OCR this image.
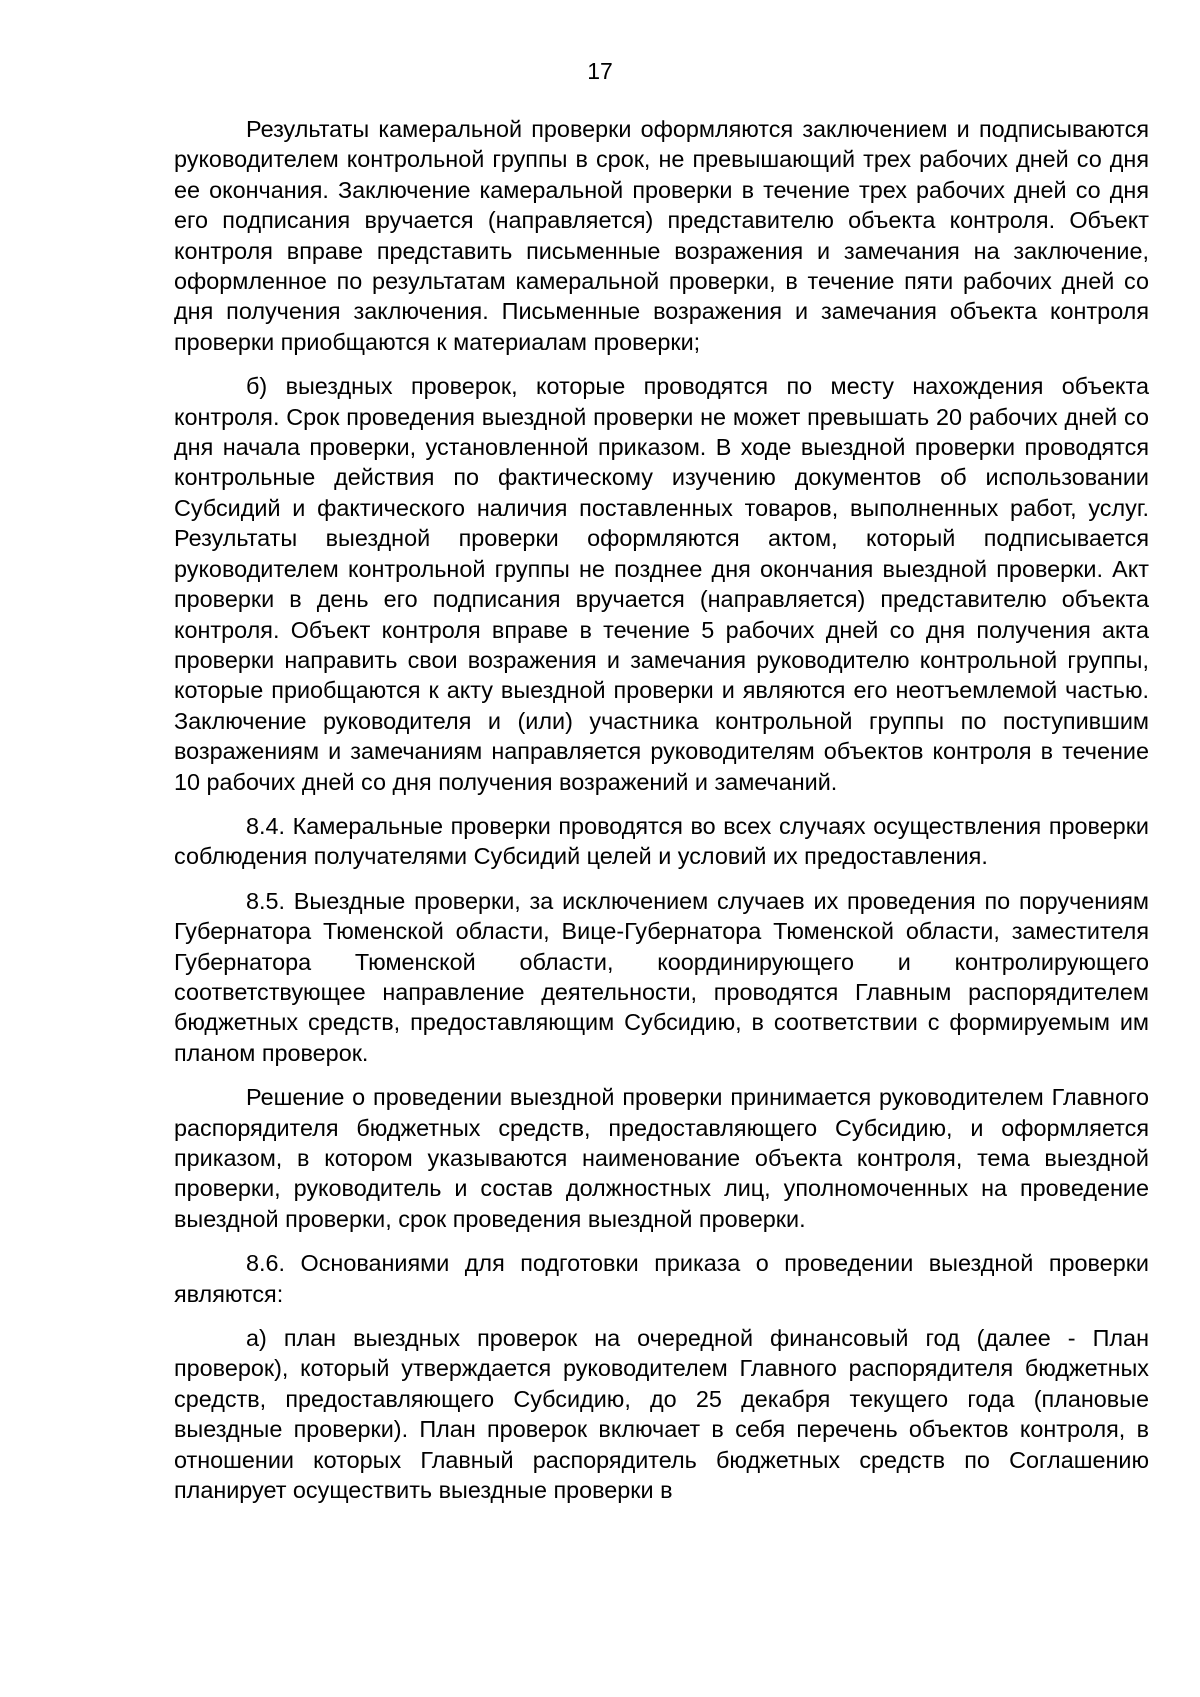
17

Результаты камеральной проверки оформляются заключением и подписываются руководителем контрольной группы в срок, не превышающий трех рабочих дней со дня ее окончания. Заключение камеральной проверки в течение трех рабочих дней со дня его подписания вручается (направляется) представителю объекта контроля. Объект контроля вправе представить письменные возражения и замечания на заключение, оформленное по результатам камеральной проверки, в течение пяти рабочих дней со дня получения заключения. Письменные возражения и замечания объекта контроля проверки приобщаются к материалам проверки;

б) выездных проверок, которые проводятся по месту нахождения объекта контроля. Срок проведения выездной проверки не может превышать 20 рабочих дней со дня начала проверки, установленной приказом. В ходе выездной проверки проводятся контрольные действия по фактическому изучению документов об использовании Субсидий и фактического наличия поставленных товаров, выполненных работ, услуг. Результаты выездной проверки оформляются актом, который подписывается руководителем контрольной группы не позднее дня окончания выездной проверки. Акт проверки в день его подписания вручается (направляется) представителю объекта контроля. Объект контроля вправе в течение 5 рабочих дней со дня получения акта проверки направить свои возражения и замечания руководителю контрольной группы, которые приобщаются к акту выездной проверки и являются его неотъемлемой частью. Заключение руководителя и (или) участника контрольной группы по поступившим возражениям и замечаниям направляется руководителям объектов контроля в течение 10 рабочих дней со дня получения возражений и замечаний.

8.4. Камеральные проверки проводятся во всех случаях осуществления проверки соблюдения получателями Субсидий целей и условий их предоставления.

8.5. Выездные проверки, за исключением случаев их проведения по поручениям Губернатора Тюменской области, Вице-Губернатора Тюменской области, заместителя Губернатора Тюменской области, координирующего и контролирующего соответствующее направление деятельности, проводятся Главным распорядителем бюджетных средств, предоставляющим Субсидию, в соответствии с формируемым им планом проверок.

Решение о проведении выездной проверки принимается руководителем Главного распорядителя бюджетных средств, предоставляющего Субсидию, и оформляется приказом, в котором указываются наименование объекта контроля, тема выездной проверки, руководитель и состав должностных лиц, уполномоченных на проведение выездной проверки, срок проведения выездной проверки.

8.6. Основаниями для подготовки приказа о проведении выездной проверки являются:

а) план выездных проверок на очередной финансовый год (далее - План проверок), который утверждается руководителем Главного распорядителя бюджетных средств, предоставляющего Субсидию, до 25 декабря текущего года (плановые выездные проверки). План проверок включает в себя перечень объектов контроля, в отношении которых Главный распорядитель бюджетных средств по Соглашению планирует осуществить выездные проверки в
